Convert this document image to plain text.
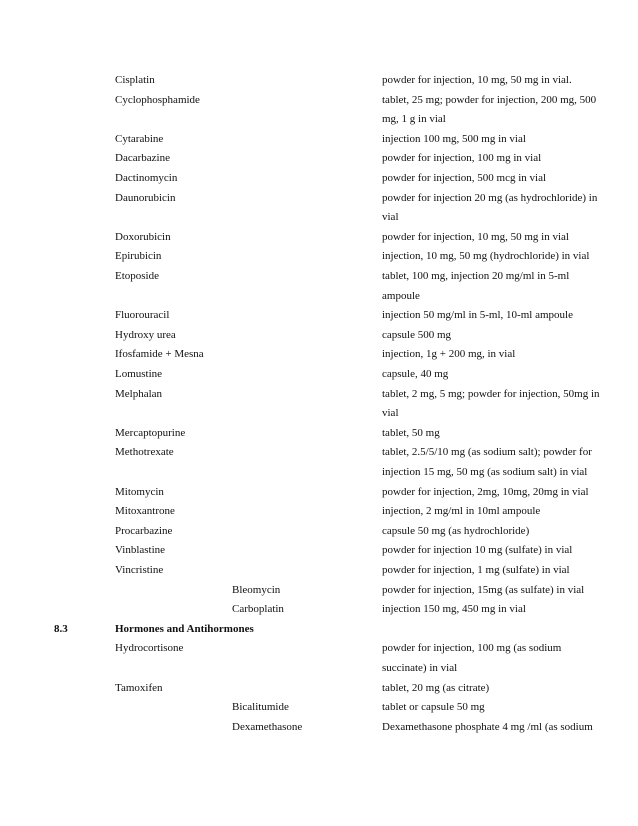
Cisplatin	powder for injection, 10 mg, 50 mg in vial.
Cyclophosphamide	tablet, 25 mg; powder for injection, 200 mg, 500
mg, 1 g in vial
Cytarabine	injection 100 mg, 500 mg in vial
Dacarbazine	powder for injection, 100 mg in vial
Dactinomycin	powder for injection, 500 mcg in vial
Daunorubicin	powder for injection 20 mg (as hydrochloride) in
vial
Doxorubicin	powder for injection, 10 mg, 50 mg in vial
Epirubicin	injection, 10 mg, 50 mg (hydrochloride) in vial
Etoposide	tablet, 100 mg, injection 20 mg/ml in 5-ml
ampoule
Fluorouracil	injection 50 mg/ml in 5-ml, 10-ml ampoule
Hydroxy urea	capsule 500 mg
Ifosfamide + Mesna	injection, 1g + 200 mg, in vial
Lomustine	capsule, 40 mg
Melphalan	tablet, 2 mg, 5 mg; powder for injection, 50mg in
vial
Mercaptopurine	tablet, 50 mg
Methotrexate	tablet, 2.5/5/10 mg (as sodium salt); powder for
injection 15 mg, 50 mg (as sodium salt) in vial
Mitomycin	powder for injection, 2mg, 10mg, 20mg in vial
Mitoxantrone	injection, 2 mg/ml in 10ml ampoule
Procarbazine	capsule 50 mg (as hydrochloride)
Vinblastine	powder for injection 10 mg (sulfate) in vial
Vincristine	powder for injection, 1 mg (sulfate) in vial
Bleomycin	powder for injection, 15mg (as sulfate) in vial
Carboplatin	injection 150 mg, 450 mg in vial
8.3	Hormones and Antihormones
Hydrocortisone	powder for injection, 100 mg (as sodium
succinate) in vial
Tamoxifen	tablet, 20 mg (as citrate)
Bicalitumide	tablet or capsule 50 mg
Dexamethasone	Dexamethasone phosphate 4 mg /ml (as sodium
